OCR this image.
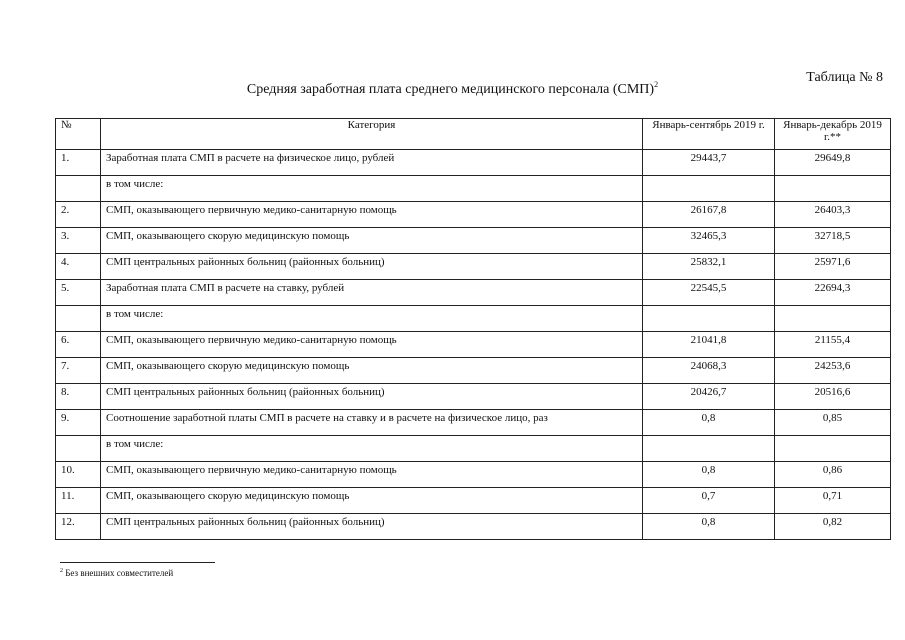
Таблица № 8
Средняя заработная плата среднего медицинского персонала (СМП)$^2$
№	Категория	Январь-сентябрь 2019 г.	Январь-декабрь 2019 г.**
1.	Заработная плата СМП в расчете на физическое лицо, рублей	29443,7	29649,8
	в том числе:		
2.	СМП, оказывающего первичную медико-санитарную помощь	26167,8	26403,3
3.	СМП, оказывающего скорую медицинскую помощь	32465,3	32718,5
4.	СМП центральных районных больниц (районных больниц)	25832,1	25971,6
5.	Заработная плата СМП в расчете на ставку, рублей	22545,5	22694,3
	в том числе:		
6.	СМП, оказывающего первичную медико-санитарную помощь	21041,8	21155,4
7.	СМП, оказывающего скорую медицинскую помощь	24068,3	24253,6
8.	СМП центральных районных больниц (районных больниц)	20426,7	20516,6
9.	Соотношение заработной платы СМП в расчете на ставку и в расчете на физическое лицо, раз	0,8	0,85
	в том числе:		
10.	СМП, оказывающего первичную медико-санитарную помощь	0,8	0,86
11.	СМП, оказывающего скорую медицинскую помощь	0,7	0,71
12.	СМП центральных районных больниц (районных больниц)	0,8	0,82
$^2$ Без внешних совместителей
